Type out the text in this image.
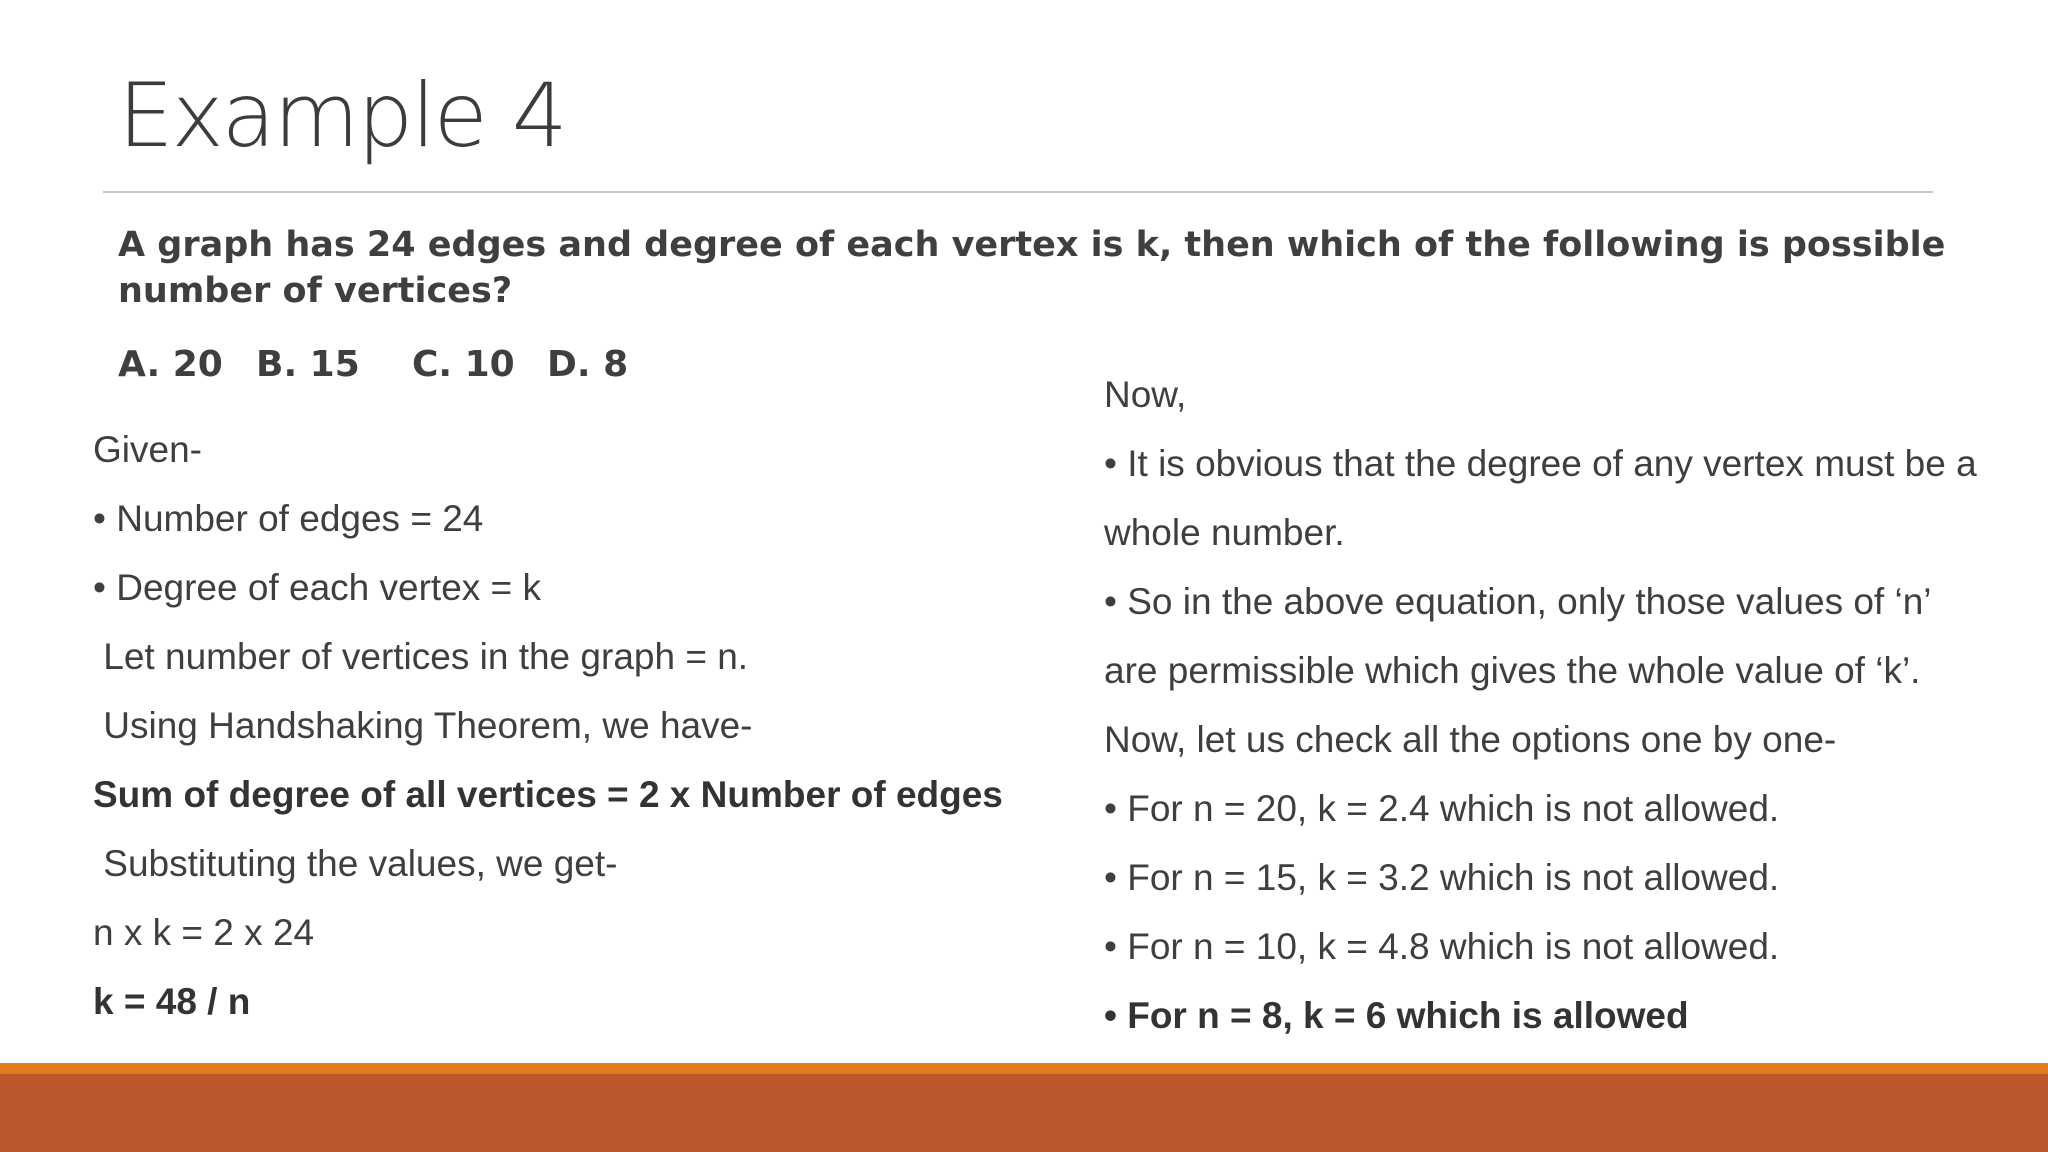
Example 4
A graph has 24 edges and degree of each vertex is k, then which of the following is possible number of vertices?
A. 20 B. 15 C. 10 D. 8
Given-
• Number of edges = 24
• Degree of each vertex = k
Let number of vertices in the graph = n.
Using Handshaking Theorem, we have-
Sum of degree of all vertices = 2 x Number of edges
Substituting the values, we get-
n x k = 2 x 24
k = 48 / n
Now,
• It is obvious that the degree of any vertex must be a
whole number.
• So in the above equation, only those values of ‘n’
are permissible which gives the whole value of ‘k’.
Now, let us check all the options one by one-
• For n = 20, k = 2.4 which is not allowed.
• For n = 15, k = 3.2 which is not allowed.
• For n = 10, k = 4.8 which is not allowed.
• For n = 8, k = 6 which is allowed
